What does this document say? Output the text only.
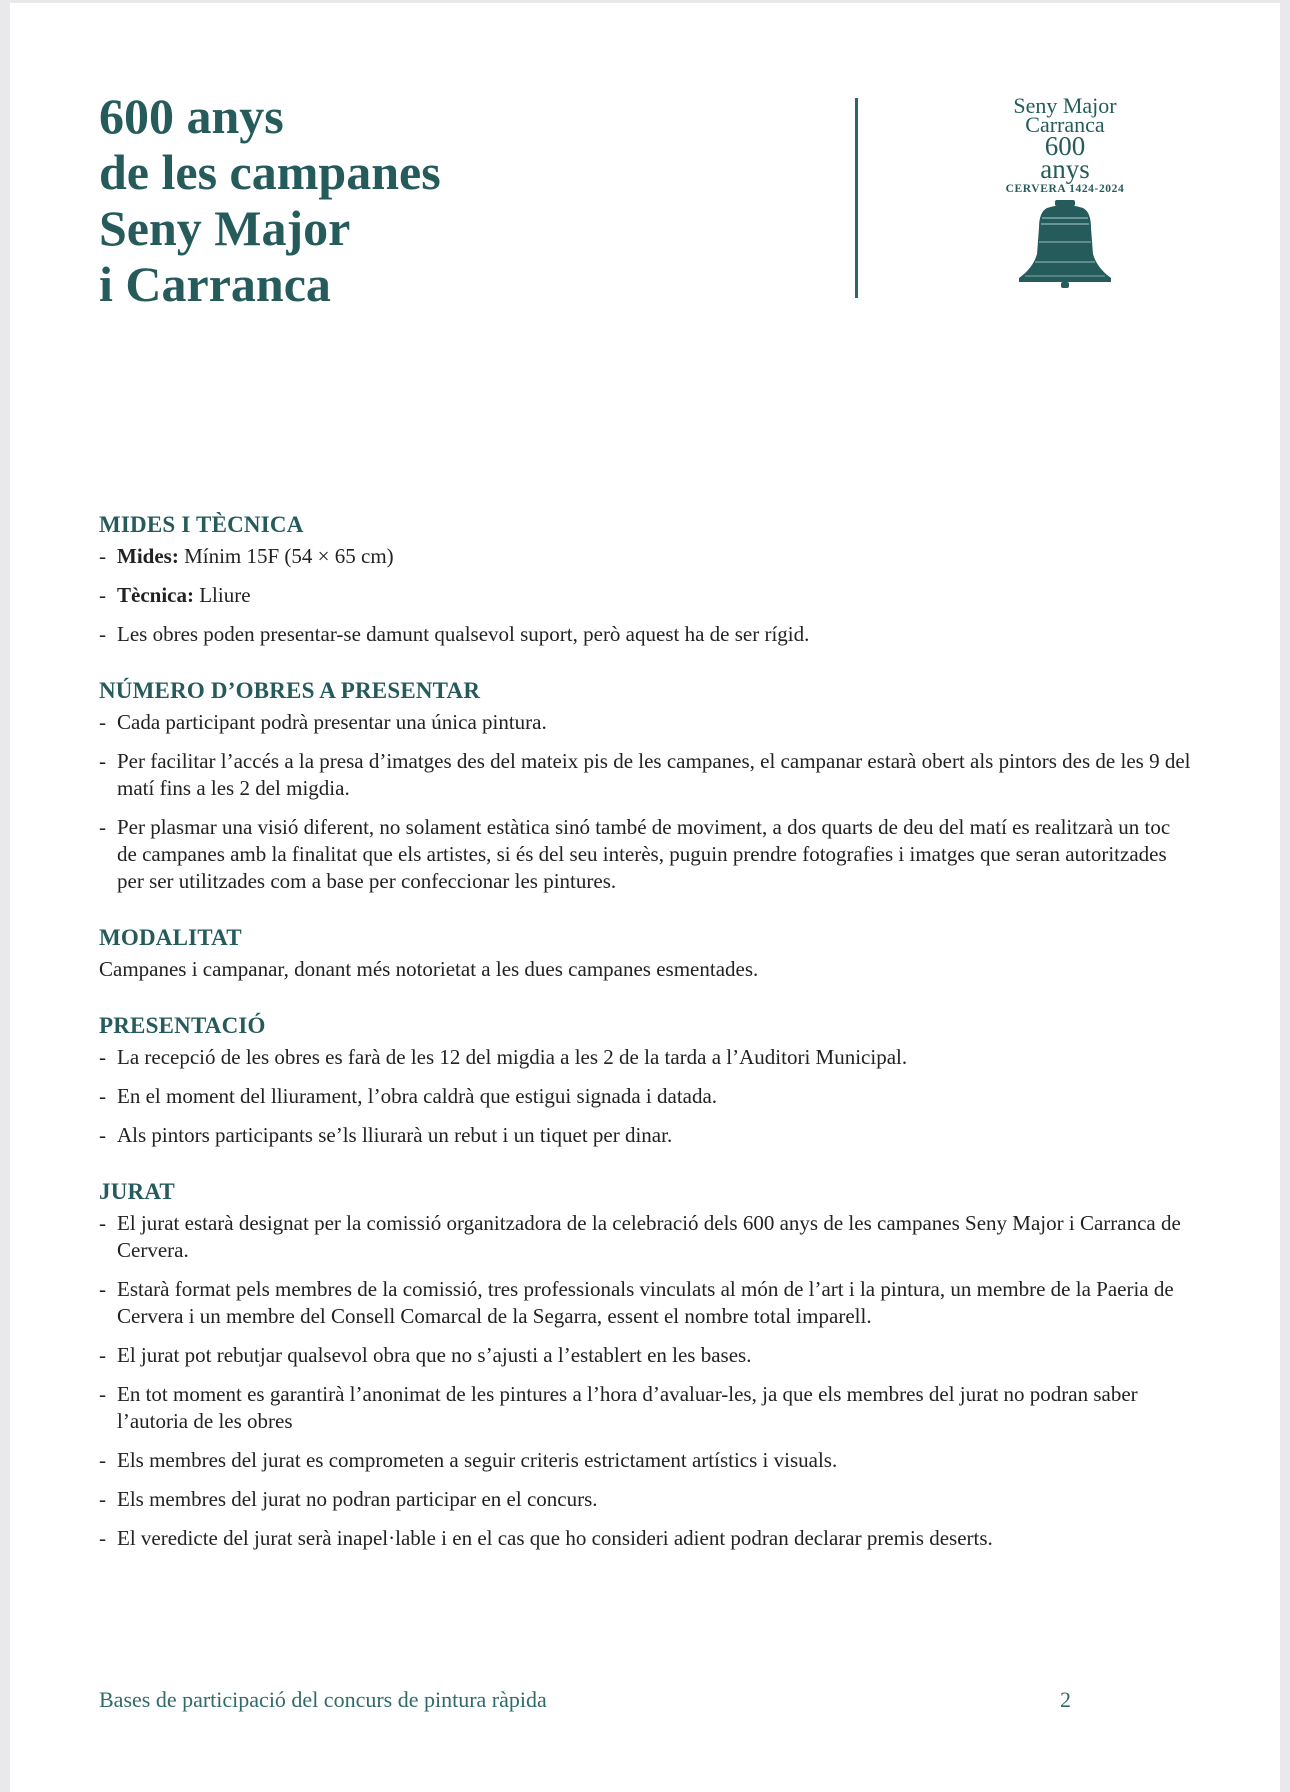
600 anys
de les campanes
Seny Major
i Carranca
Seny Major
Carranca
600
anys
CERVERA 1424-2024
MIDES I TÈCNICA
- Mides: Mínim 15F (54 × 65 cm)
- Tècnica: Lliure
- Les obres poden presentar-se damunt qualsevol suport, però aquest ha de ser rígid.
NÚMERO D’OBRES A PRESENTAR
- Cada participant podrà presentar una única pintura.
- Per facilitar l’accés a la presa d’imatges des del mateix pis de les campanes, el campanar estarà obert als pintors des de les 9 del matí fins a les 2 del migdia.
- Per plasmar una visió diferent, no solament estàtica sinó també de moviment, a dos quarts de deu del matí es realitzarà un toc de campanes amb la finalitat que els artistes, si és del seu interès, puguin prendre fotografies i imatges que seran autoritzades per ser utilitzades com a base per confeccionar les pintures.
MODALITAT

Campanes i campanar, donant més notorietat a les dues campanes esmentades.

PRESENTACIÓ
- La recepció de les obres es farà de les 12 del migdia a les 2 de la tarda a l’Auditori Municipal.
- En el moment del lliurament, l’obra caldrà que estigui signada i datada.
- Als pintors participants se’ls lliurarà un rebut i un tiquet per dinar.
JURAT
- El jurat estarà designat per la comissió organitzadora de la celebració dels 600 anys de les campanes Seny Major i Carranca de Cervera.
- Estarà format pels membres de la comissió, tres professionals vinculats al món de l’art i la pintura, un membre de la Paeria de Cervera i un membre del Consell Comarcal de la Segarra, essent el nombre total imparell.
- El jurat pot rebutjar qualsevol obra que no s’ajusti a l’establert en les bases.
- En tot moment es garantirà l’anonimat de les pintures a l’hora d’avaluar-les, ja que els membres del jurat no podran saber l’autoria de les obres
- Els membres del jurat es comprometen a seguir criteris estrictament artístics i visuals.
- Els membres del jurat no podran participar en el concurs.
- El veredicte del jurat serà inapel·lable i en el cas que ho consideri adient podran declarar premis deserts.
Bases de participació del concurs de pintura ràpida	2
